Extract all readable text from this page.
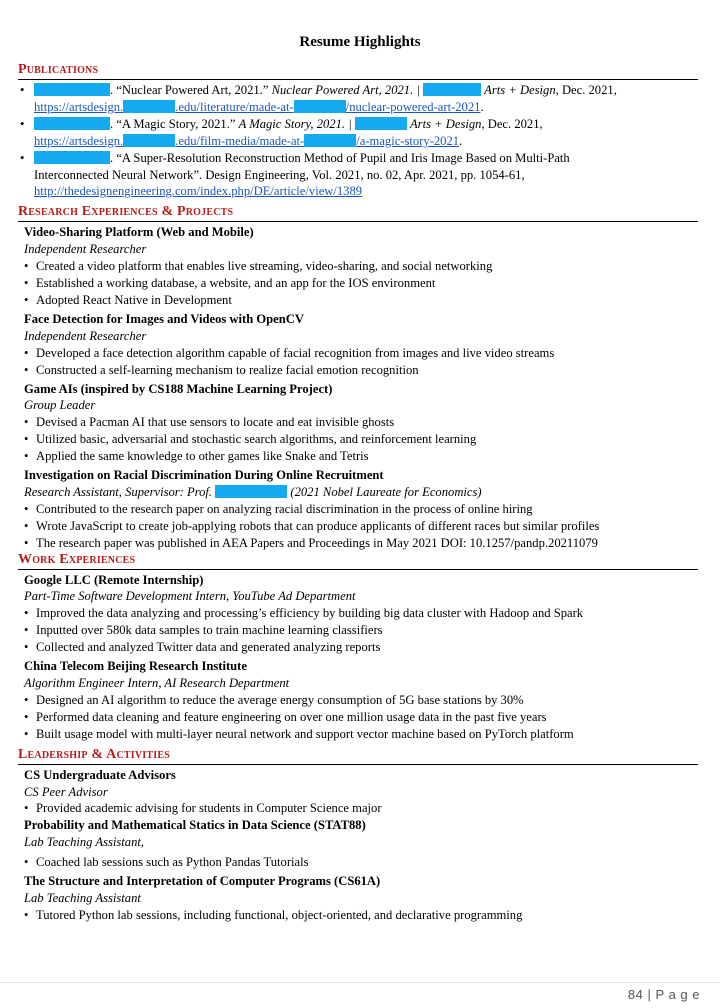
Resume Highlights
Publications
•	. “Nuclear Powered Art, 2021.” Nuclear Powered Art, 2021. |	Arts + Design, Dec. 2021,
https://artsdesign.	.edu/literature/made-at-	/nuclear-powered-art-2021.
•	. “A Magic Story, 2021.” A Magic Story, 2021. |	Arts + Design, Dec. 2021,
https://artsdesign.	.edu/film-media/made-at-	/a-magic-story-2021.
•	. “A Super-Resolution Reconstruction Method of Pupil and Iris Image Based on Multi-Path
Interconnected Neural Network”. Design Engineering, Vol. 2021, no. 02, Apr. 2021, pp. 1054-61,
http://thedesignengineering.com/index.php/DE/article/view/1389
Research Experiences & Projects
Video-Sharing Platform (Web and Mobile)
Independent Researcher
• Created a video platform that enables live streaming, video-sharing, and social networking
• Established a working database, a website, and an app for the IOS environment
• Adopted React Native in Development
Face Detection for Images and Videos with OpenCV
Independent Researcher
• Developed a face detection algorithm capable of facial recognition from images and live video streams
• Constructed a self-learning mechanism to realize facial emotion recognition
Game AIs (inspired by CS188 Machine Learning Project)
Group Leader
• Devised a Pacman AI that use sensors to locate and eat invisible ghosts
• Utilized basic, adversarial and stochastic search algorithms, and reinforcement learning
• Applied the same knowledge to other games like Snake and Tetris
Investigation on Racial Discrimination During Online Recruitment
Research Assistant, Supervisor: Prof.	(2021 Nobel Laureate for Economics)
• Contributed to the research paper on analyzing racial discrimination in the process of online hiring
• Wrote JavaScript to create job-applying robots that can produce applicants of different races but similar profiles
• The research paper was published in AEA Papers and Proceedings in May 2021 DOI: 10.1257/pandp.20211079
Work Experiences
Google LLC (Remote Internship)
Part-Time Software Development Intern, YouTube Ad Department
• Improved the data analyzing and processing’s efficiency by building big data cluster with Hadoop and Spark
• Inputted over 580k data samples to train machine learning classifiers
• Collected and analyzed Twitter data and generated analyzing reports
China Telecom Beijing Research Institute
Algorithm Engineer Intern, AI Research Department
• Designed an AI algorithm to reduce the average energy consumption of 5G base stations by 30%
• Performed data cleaning and feature engineering on over one million usage data in the past five years
• Built usage model with multi-layer neural network and support vector machine based on PyTorch platform
Leadership & Activities
CS Undergraduate Advisors
CS Peer Advisor
• Provided academic advising for students in Computer Science major
Probability and Mathematical Statics in Data Science (STAT88)
Lab Teaching Assistant,
• Coached lab sessions such as Python Pandas Tutorials
The Structure and Interpretation of Computer Programs (CS61A)
Lab Teaching Assistant
• Tutored Python lab sessions, including functional, object-oriented, and declarative programming
84 | P a g e
